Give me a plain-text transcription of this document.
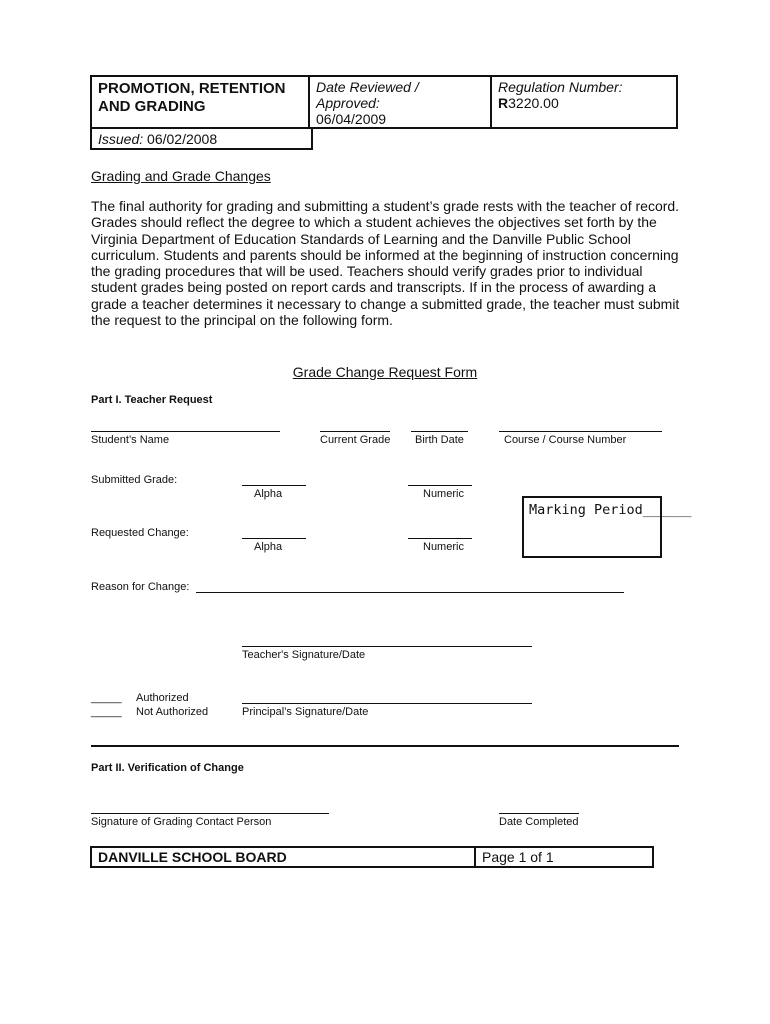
PROMOTION, RETENTION
AND GRADING
Date Reviewed /
Approved:
06/04/2009
Regulation Number:
R3220.00
Issued: 06/02/2008
Grading and Grade Changes
The final authority for grading and submitting a student’s grade rests with the teacher of record.
Grades should reflect the degree to which a student achieves the objectives set forth by the
Virginia Department of Education Standards of Learning and the Danville Public School
curriculum. Students and parents should be informed at the beginning of instruction concerning
the grading procedures that will be used. Teachers should verify grades prior to individual
student grades being posted on report cards and transcripts. If in the process of awarding a
grade a teacher determines it necessary to change a submitted grade, the teacher must submit
the request to the principal on the following form.
Grade Change Request Form
Part I. Teacher Request
Student’s Name	Current Grade Birth Date	Course / Course Number
Submitted Grade:
Alpha	Numeric
Marking Period______
Requested Change:
Alpha	Numeric
Reason for Change:
Teacher's Signature/Date
_____ Authorized
_____ Not Authorized	Principal’s Signature/Date
Part II. Verification of Change
Signature of Grading Contact Person	Date Completed
DANVILLE SCHOOL BOARD	Page 1 of 1
